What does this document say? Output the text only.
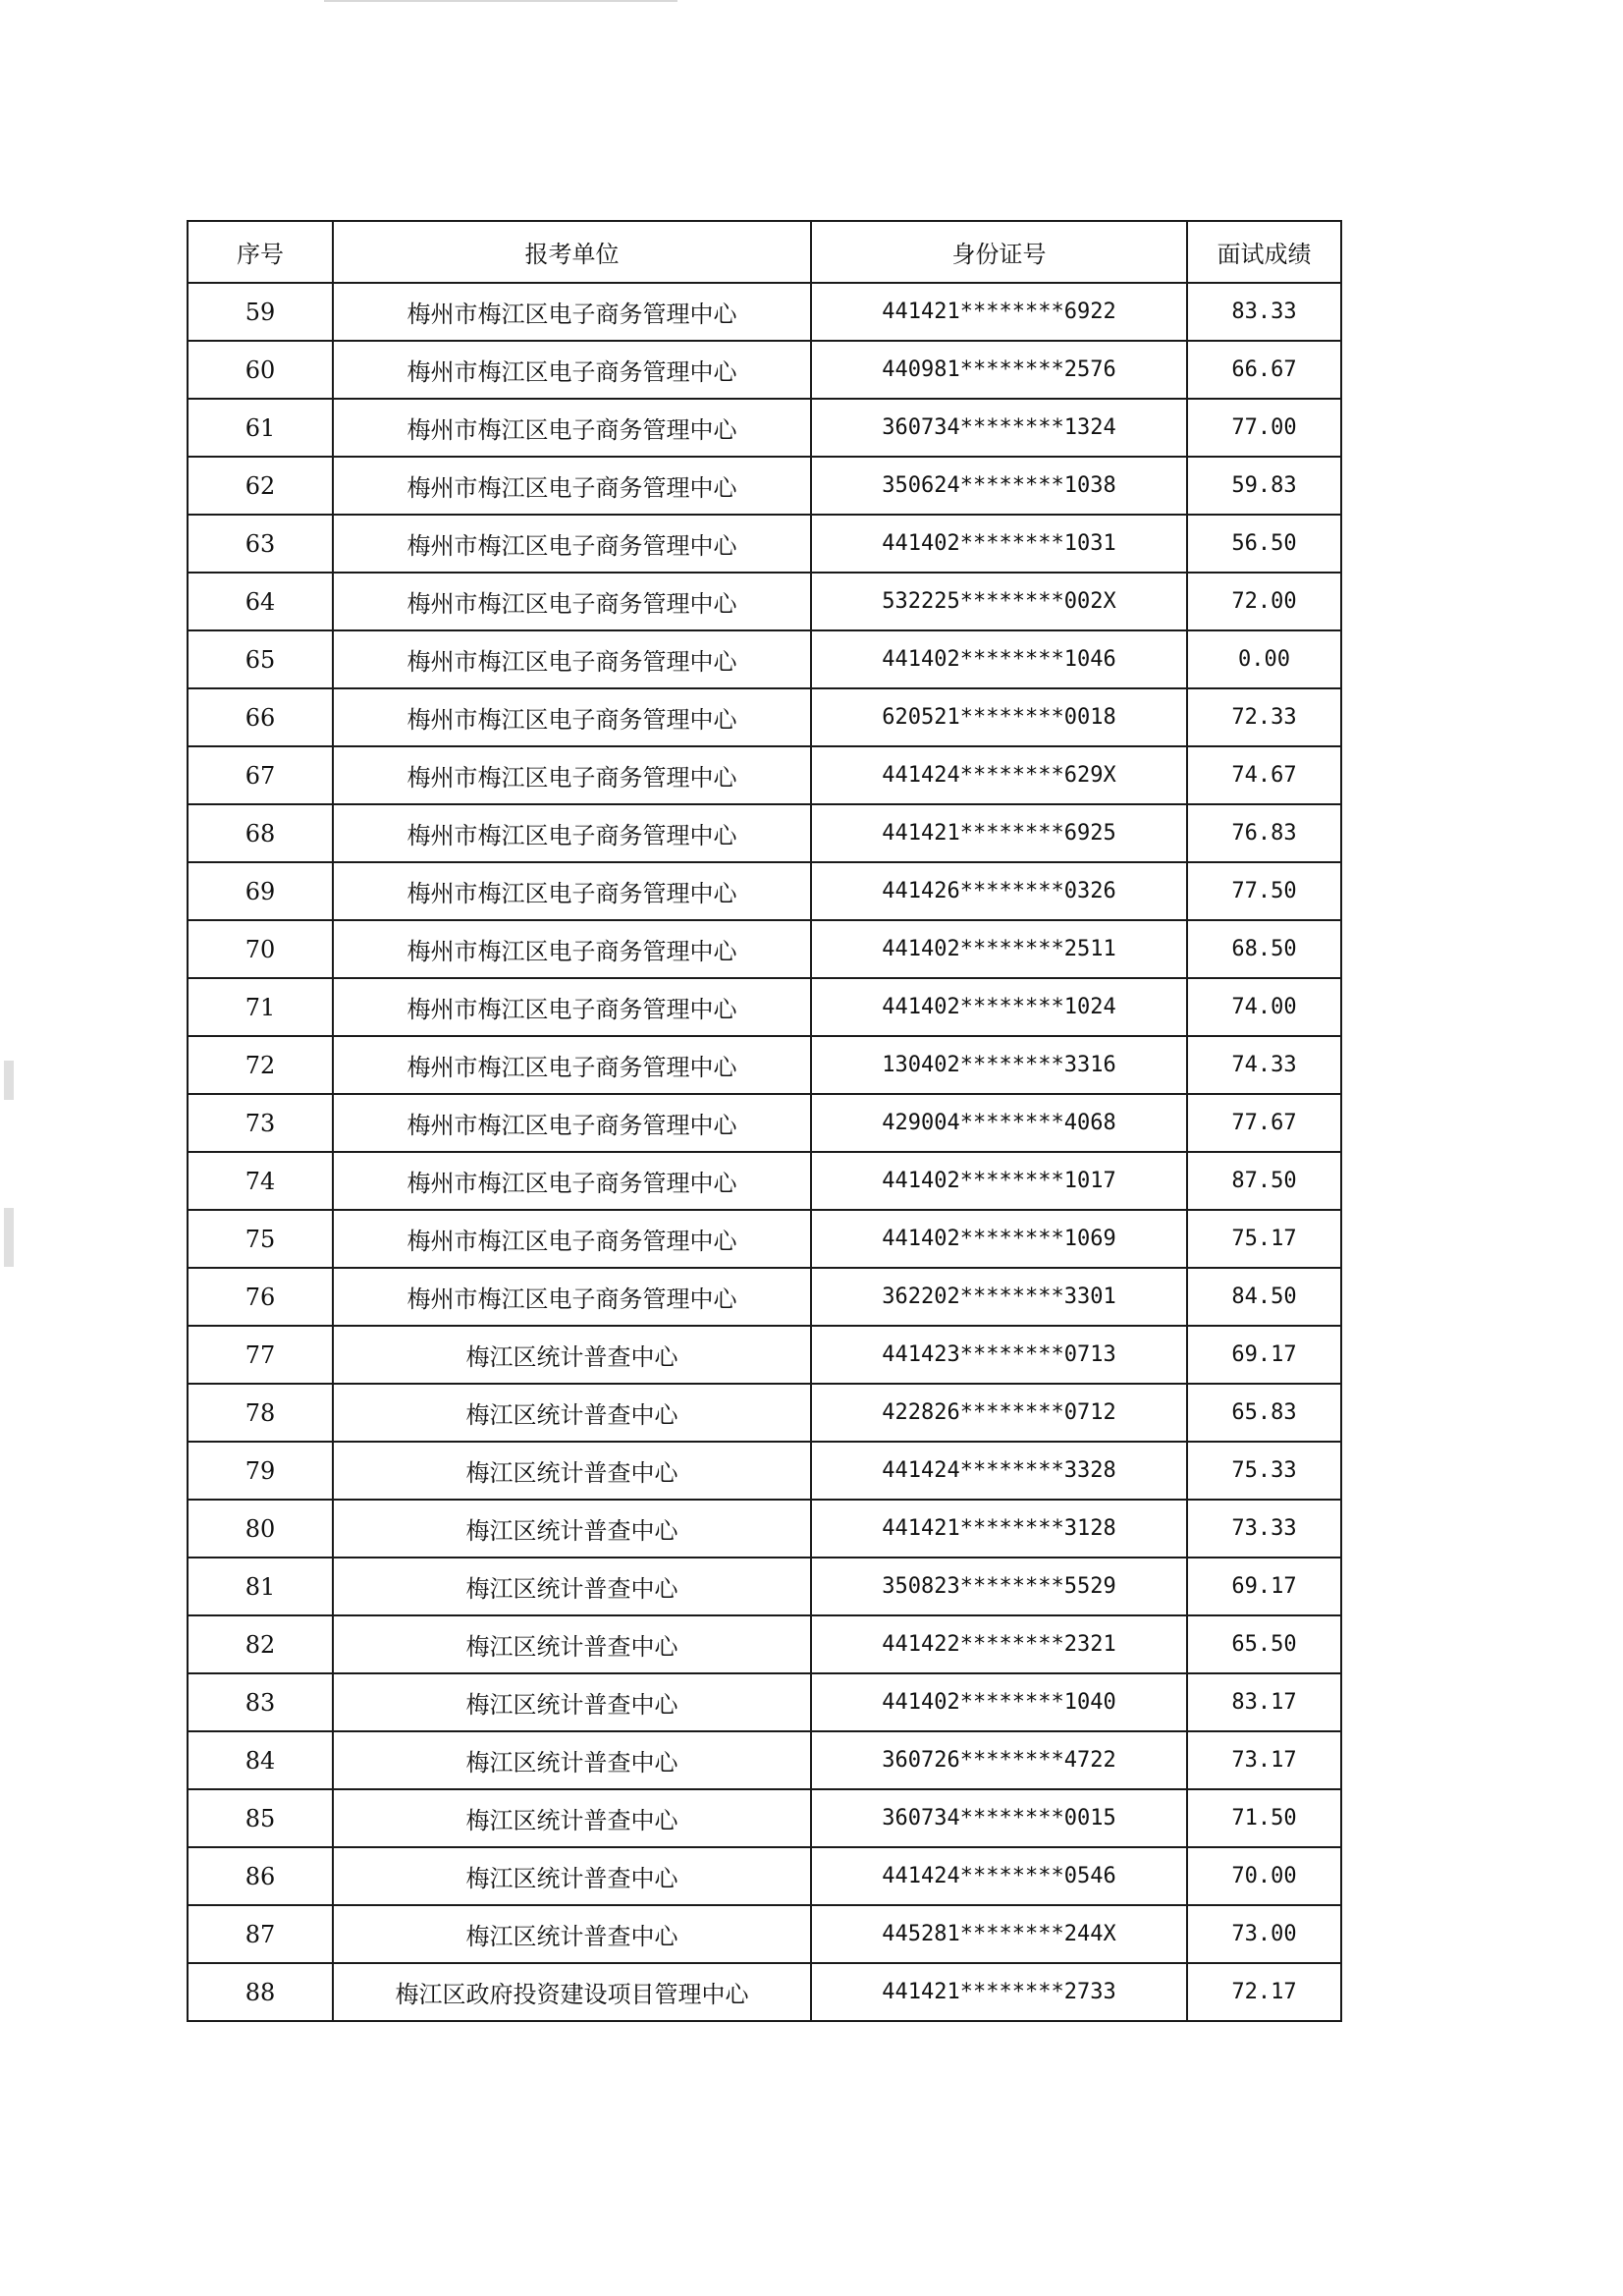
序号	报考单位	身份证号	面试成绩
59	梅州市梅江区电子商务管理中心	441421********6922	83.33
60	梅州市梅江区电子商务管理中心	440981********2576	66.67
61	梅州市梅江区电子商务管理中心	360734********1324	77.00
62	梅州市梅江区电子商务管理中心	350624********1038	59.83
63	梅州市梅江区电子商务管理中心	441402********1031	56.50
64	梅州市梅江区电子商务管理中心	532225********002X	72.00
65	梅州市梅江区电子商务管理中心	441402********1046	0.00
66	梅州市梅江区电子商务管理中心	620521********0018	72.33
67	梅州市梅江区电子商务管理中心	441424********629X	74.67
68	梅州市梅江区电子商务管理中心	441421********6925	76.83
69	梅州市梅江区电子商务管理中心	441426********0326	77.50
70	梅州市梅江区电子商务管理中心	441402********2511	68.50
71	梅州市梅江区电子商务管理中心	441402********1024	74.00
72	梅州市梅江区电子商务管理中心	130402********3316	74.33
73	梅州市梅江区电子商务管理中心	429004********4068	77.67
74	梅州市梅江区电子商务管理中心	441402********1017	87.50
75	梅州市梅江区电子商务管理中心	441402********1069	75.17
76	梅州市梅江区电子商务管理中心	362202********3301	84.50
77	梅江区统计普查中心	441423********0713	69.17
78	梅江区统计普查中心	422826********0712	65.83
79	梅江区统计普查中心	441424********3328	75.33
80	梅江区统计普查中心	441421********3128	73.33
81	梅江区统计普查中心	350823********5529	69.17
82	梅江区统计普查中心	441422********2321	65.50
83	梅江区统计普查中心	441402********1040	83.17
84	梅江区统计普查中心	360726********4722	73.17
85	梅江区统计普查中心	360734********0015	71.50
86	梅江区统计普查中心	441424********0546	70.00
87	梅江区统计普查中心	445281********244X	73.00
88	梅江区政府投资建设项目管理中心	441421********2733	72.17
